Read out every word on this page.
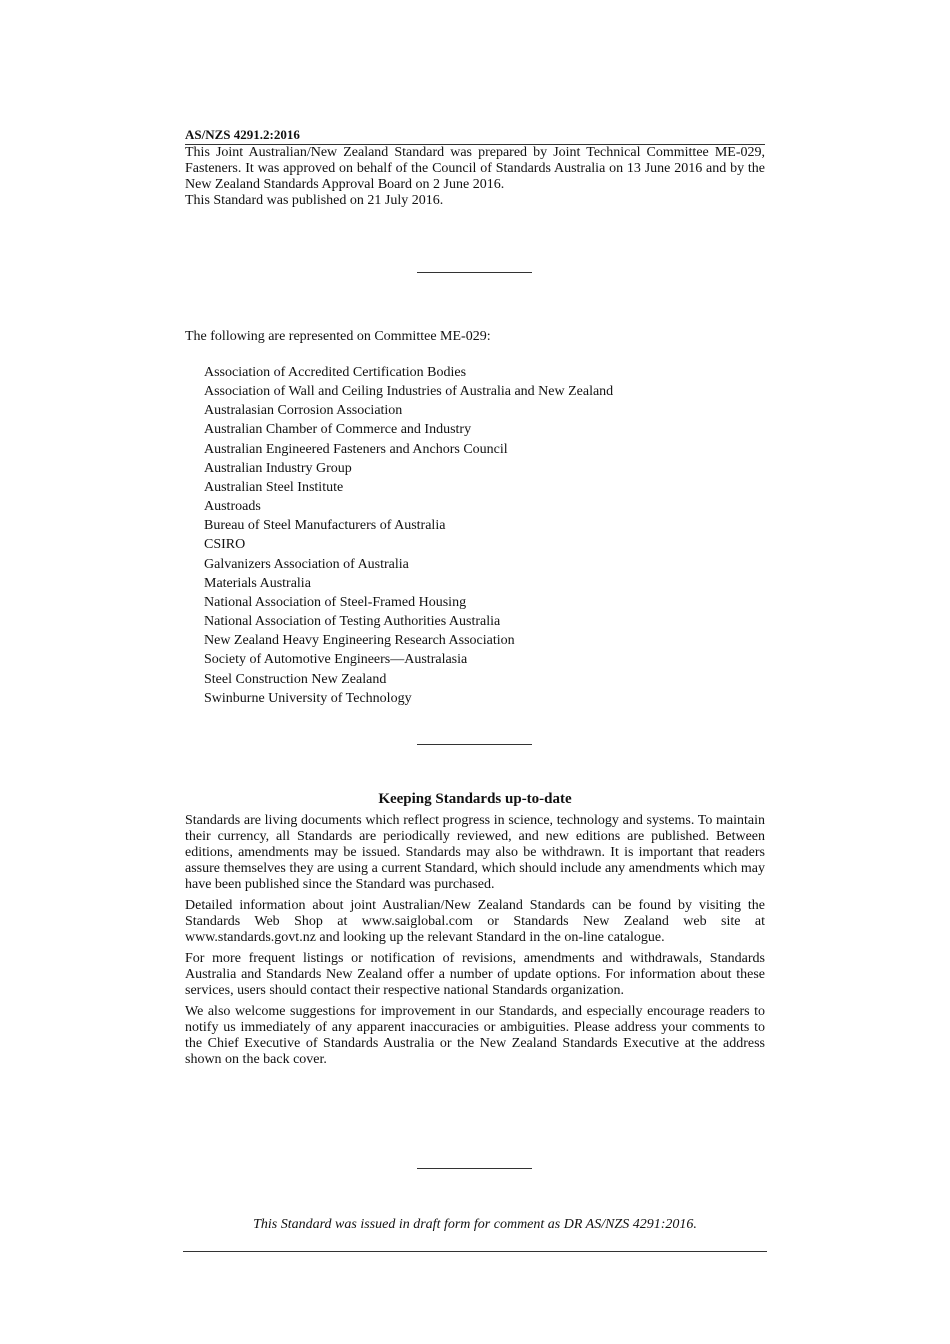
AS/NZS 4291.2:2016

This Joint Australian/New Zealand Standard was prepared by Joint Technical Committee ME-029, Fasteners. It was approved on behalf of the Council of Standards Australia on 13 June 2016 and by the New Zealand Standards Approval Board on 2 June 2016.

This Standard was published on 21 July 2016.

The following are represented on Committee ME-029:
Association of Accredited Certification Bodies
Association of Wall and Ceiling Industries of Australia and New Zealand
Australasian Corrosion Association
Australian Chamber of Commerce and Industry
Australian Engineered Fasteners and Anchors Council
Australian Industry Group
Australian Steel Institute
Austroads
Bureau of Steel Manufacturers of Australia
CSIRO
Galvanizers Association of Australia
Materials Australia
National Association of Steel-Framed Housing
National Association of Testing Authorities Australia
New Zealand Heavy Engineering Research Association
Society of Automotive Engineers—Australasia
Steel Construction New Zealand
Swinburne University of Technology
Keeping Standards up-to-date

Standards are living documents which reflect progress in science, technology and systems. To maintain their currency, all Standards are periodically reviewed, and new editions are published. Between editions, amendments may be issued. Standards may also be withdrawn. It is important that readers assure themselves they are using a current Standard, which should include any amendments which may have been published since the Standard was purchased.

Detailed information about joint Australian/New Zealand Standards can be found by visiting the Standards Web Shop at www.saiglobal.com or Standards New Zealand web site at www.standards.govt.nz and looking up the relevant Standard in the on-line catalogue.

For more frequent listings or notification of revisions, amendments and withdrawals, Standards Australia and Standards New Zealand offer a number of update options. For information about these services, users should contact their respective national Standards organization.

We also welcome suggestions for improvement in our Standards, and especially encourage readers to notify us immediately of any apparent inaccuracies or ambiguities. Please address your comments to the Chief Executive of Standards Australia or the New Zealand Standards Executive at the address shown on the back cover.

This Standard was issued in draft form for comment as DR AS/NZS 4291:2016.
